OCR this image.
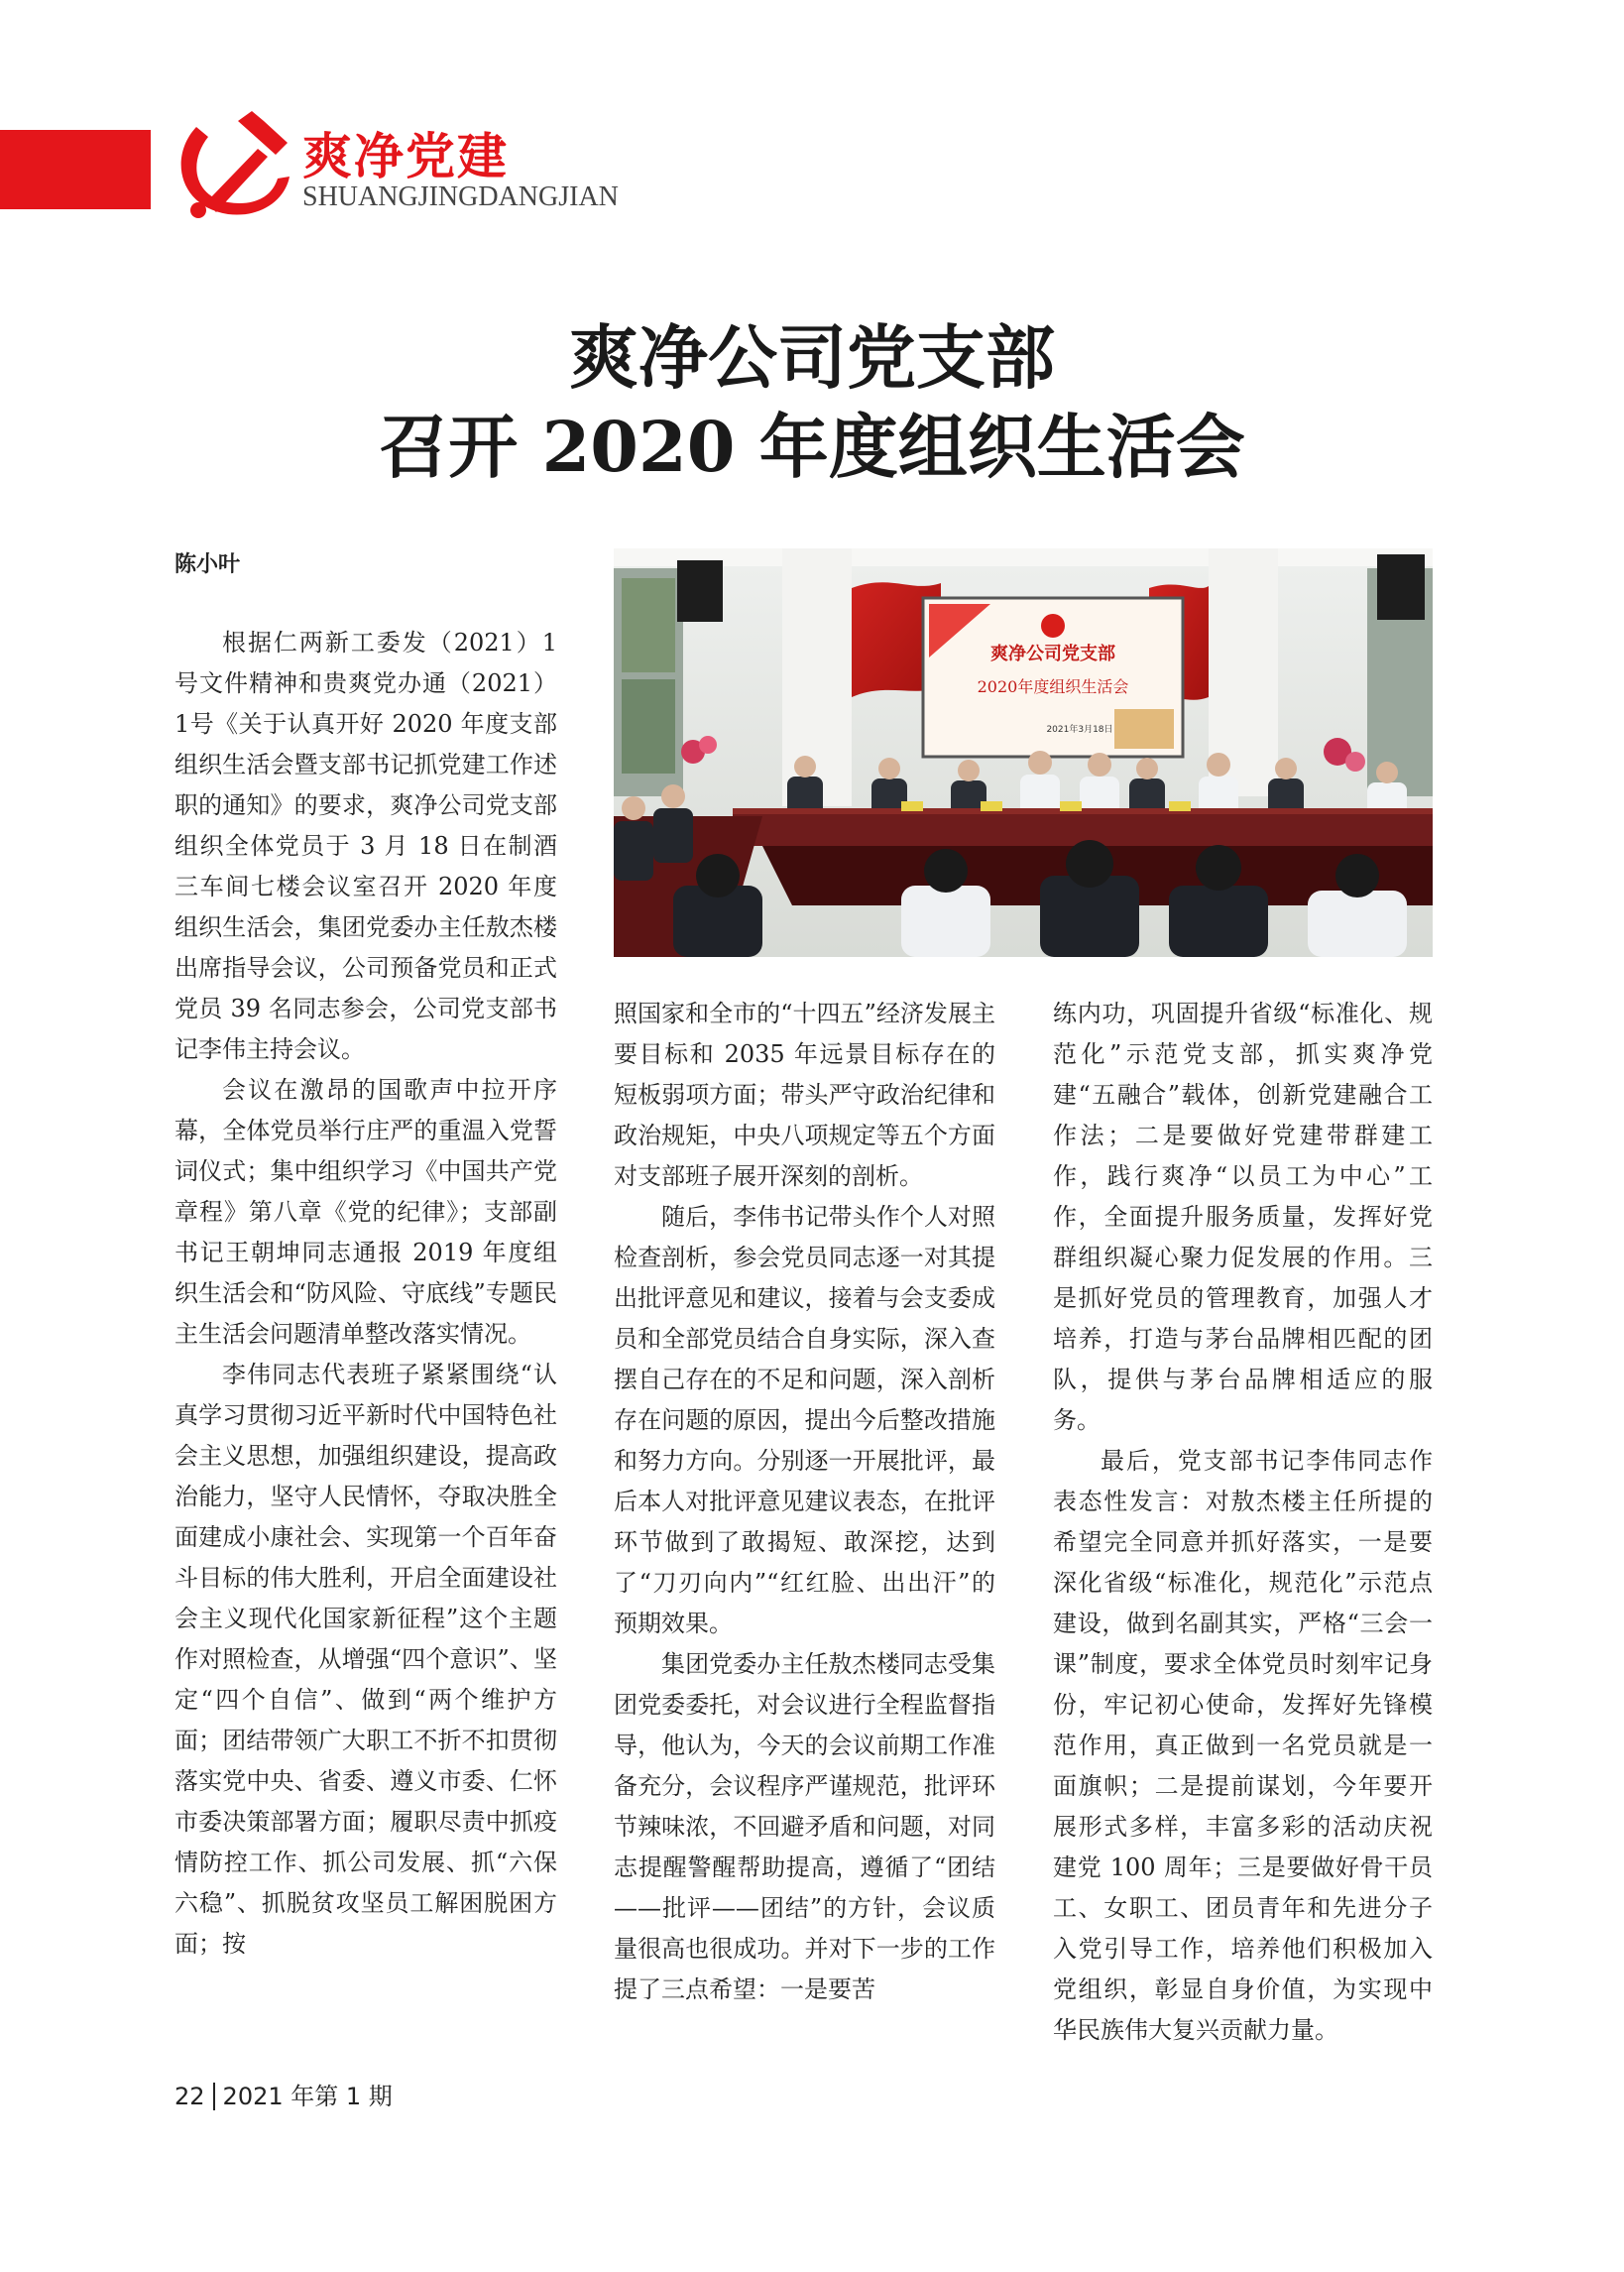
爽净党建
SHUANGJINGDANGJIAN
爽净公司党支部
召开 2020 年度组织生活会
陈小叶
爽净公司党支部
2020年度组织生活会
2021年3月18日

根据仁两新工委发（2021）1号文件精神和贵爽党办通（2021）1号《关于认真开好 2020 年度支部组织生活会暨支部书记抓党建工作述职的通知》的要求，爽净公司党支部组织全体党员于 3 月 18 日在制酒三车间七楼会议室召开 2020 年度组织生活会，集团党委办主任敖杰楼出席指导会议，公司预备党员和正式党员 39 名同志参会，公司党支部书记李伟主持会议。

会议在激昂的国歌声中拉开序幕，全体党员举行庄严的重温入党誓词仪式；集中组织学习《中国共产党章程》第八章《党的纪律》；支部副书记王朝坤同志通报 2019 年度组织生活会和“防风险、守底线”专题民主生活会问题清单整改落实情况。

李伟同志代表班子紧紧围绕“认真学习贯彻习近平新时代中国特色社会主义思想，加强组织建设，提高政治能力，坚守人民情怀，夺取决胜全面建成小康社会、实现第一个百年奋斗目标的伟大胜利，开启全面建设社会主义现代化国家新征程”这个主题作对照检查，从增强“四个意识”、坚定“四个自信”、做到“两个维护方面；团结带领广大职工不折不扣贯彻落实党中央、省委、遵义市委、仁怀市委决策部署方面；履职尽责中抓疫情防控工作、抓公司发展、抓“六保六稳”、抓脱贫攻坚员工解困脱困方面；按

照国家和全市的“十四五”经济发展主要目标和 2035 年远景目标存在的短板弱项方面；带头严守政治纪律和政治规矩，中央八项规定等五个方面对支部班子展开深刻的剖析。

随后，李伟书记带头作个人对照检查剖析，参会党员同志逐一对其提出批评意见和建议，接着与会支委成员和全部党员结合自身实际，深入查摆自己存在的不足和问题，深入剖析存在问题的原因，提出今后整改措施和努力方向。分别逐一开展批评，最后本人对批评意见建议表态，在批评环节做到了敢揭短、敢深挖，达到了“刀刃向内”“红红脸、出出汗”的预期效果。

集团党委办主任敖杰楼同志受集团党委委托，对会议进行全程监督指导，他认为，今天的会议前期工作准备充分，会议程序严谨规范，批评环节辣味浓，不回避矛盾和问题，对同志提醒警醒帮助提高，遵循了“团结——批评——团结”的方针，会议质量很高也很成功。并对下一步的工作提了三点希望：一是要苦

练内功，巩固提升省级“标准化、规范化”示范党支部，抓实爽净党建“五融合”载体，创新党建融合工作法；二是要做好党建带群建工作，践行爽净“以员工为中心”工作，全面提升服务质量，发挥好党群组织凝心聚力促发展的作用。三是抓好党员的管理教育，加强人才培养，打造与茅台品牌相匹配的团队，提供与茅台品牌相适应的服务。

最后，党支部书记李伟同志作表态性发言：对敖杰楼主任所提的希望完全同意并抓好落实，一是要深化省级“标准化，规范化”示范点建设，做到名副其实，严格“三会一课”制度，要求全体党员时刻牢记身份，牢记初心使命，发挥好先锋模范作用，真正做到一名党员就是一面旗帜；二是提前谋划，今年要开展形式多样，丰富多彩的活动庆祝建党 100 周年；三是要做好骨干员工、女职工、团员青年和先进分子入党引导工作，培养他们积极加入党组织，彰显自身价值，为实现中华民族伟大复兴贡献力量。

22 2021 年第 1 期
